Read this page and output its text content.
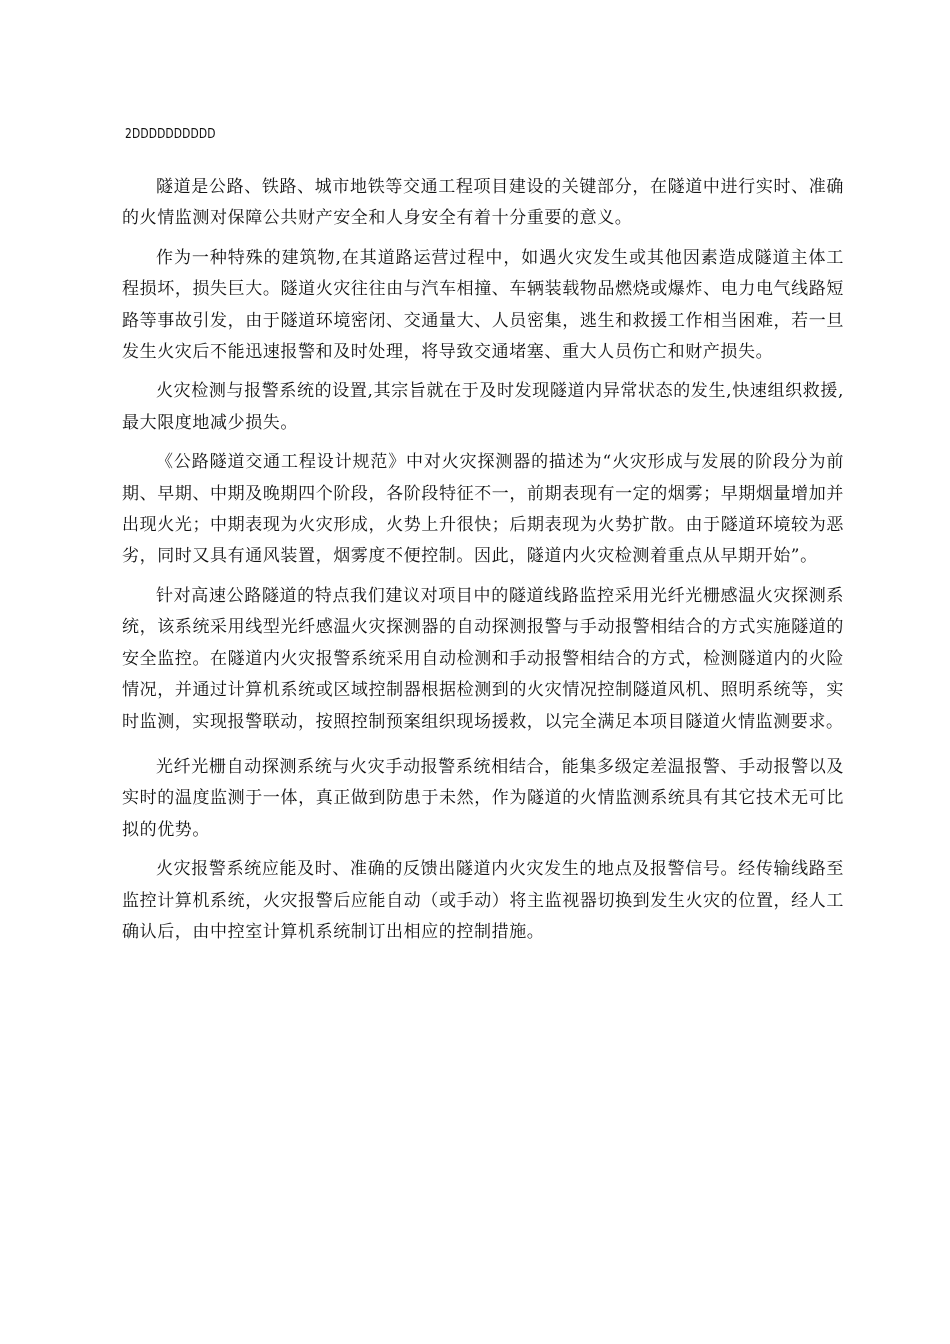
2DDDDDDDDDD

隧道是公路、铁路、城市地铁等交通工程项目建设的关键部分，在隧道中进行实时、准确的火情监测对保障公共财产安全和人身安全有着十分重要的意义。

作为一种特殊的建筑物,在其道路运营过程中，如遇火灾发生或其他因素造成隧道主体工程损坏，损失巨大。隧道火灾往往由与汽车相撞、车辆装载物品燃烧或爆炸、电力电气线路短路等事故引发，由于隧道环境密闭、交通量大、人员密集，逃生和救援工作相当困难，若一旦发生火灾后不能迅速报警和及时处理，将导致交通堵塞、重大人员伤亡和财产损失。

火灾检测与报警系统的设置,其宗旨就在于及时发现隧道内异常状态的发生,快速组织救援,最大限度地减少损失。

《公路隧道交通工程设计规范》中对火灾探测器的描述为“火灾形成与发展的阶段分为前期、早期、中期及晚期四个阶段，各阶段特征不一，前期表现有一定的烟雾；早期烟量增加并出现火光；中期表现为火灾形成，火势上升很快；后期表现为火势扩散。由于隧道环境较为恶劣，同时又具有通风装置，烟雾度不便控制。因此，隧道内火灾检测着重点从早期开始”。

针对高速公路隧道的特点我们建议对项目中的隧道线路监控采用光纤光栅感温火灾探测系统，该系统采用线型光纤感温火灾探测器的自动探测报警与手动报警相结合的方式实施隧道的安全监控。在隧道内火灾报警系统采用自动检测和手动报警相结合的方式，检测隧道内的火险情况，并通过计算机系统或区域控制器根据检测到的火灾情况控制隧道风机、照明系统等，实时监测，实现报警联动，按照控制预案组织现场援救，以完全满足本项目隧道火情监测要求。

光纤光栅自动探测系统与火灾手动报警系统相结合，能集多级定差温报警、手动报警以及实时的温度监测于一体，真正做到防患于未然，作为隧道的火情监测系统具有其它技术无可比拟的优势。

火灾报警系统应能及时、准确的反馈出隧道内火灾发生的地点及报警信号。经传输线路至监控计算机系统，火灾报警后应能自动（或手动）将主监视器切换到发生火灾的位置，经人工确认后，由中控室计算机系统制订出相应的控制措施。
